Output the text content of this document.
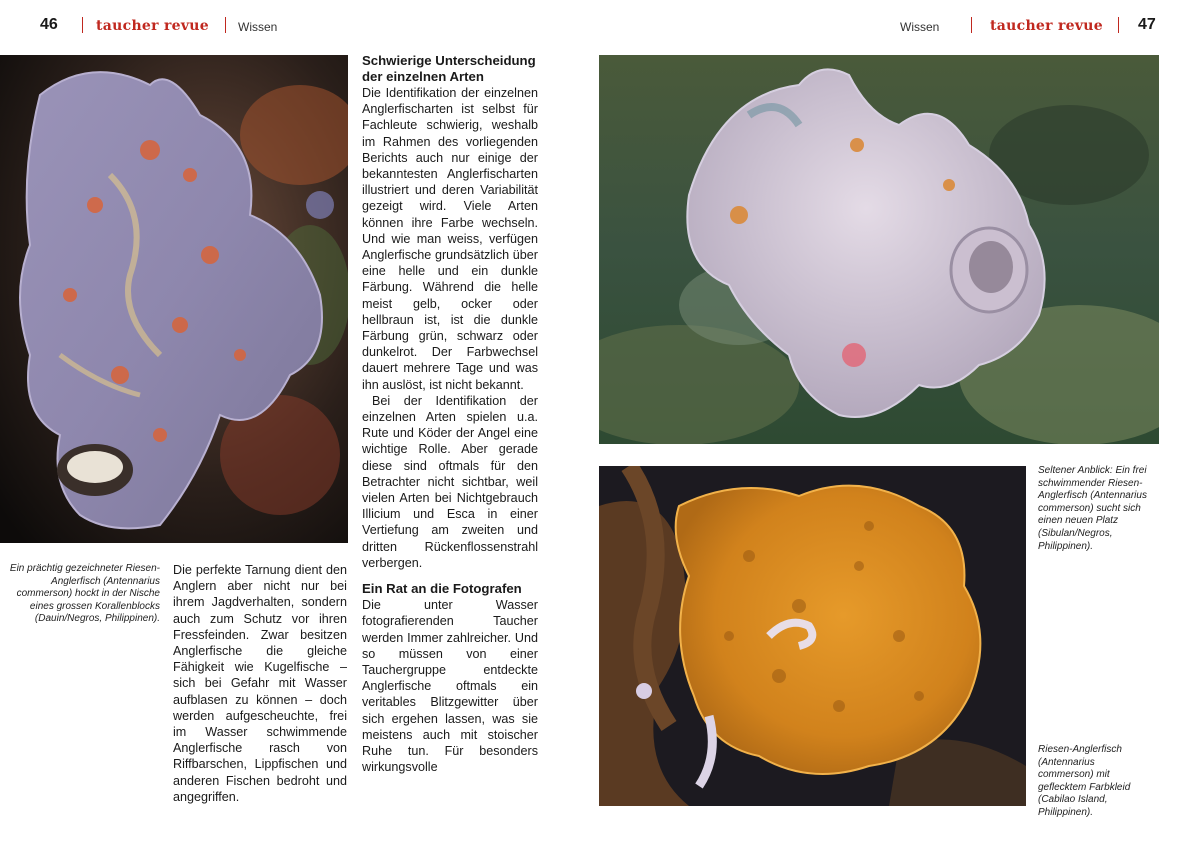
46	taucher revue Wissen	Wissen	taucher revue 47
Ein prächtig gezeichneter Riesen-Anglerfisch (Antennarius commerson) hockt in der Nische eines grossen Korallenblocks (Dauin/Negros, Philippinen).

Die perfekte Tarnung dient den Anglern aber nicht nur bei ihrem Jagdverhalten, sondern auch zum Schutz vor ihren Fressfeinden. Zwar besitzen Anglerfische die gleiche Fähigkeit wie Kugelfische – sich bei Gefahr mit Wasser aufblasen zu können – doch werden aufgescheuchte, frei im Wasser schwimmende Anglerfische rasch von Riffbarschen, Lippfischen und anderen Fischen bedroht und angegriffen.

Schwierige Unterscheidung der einzelnen Arten

Die Identifikation der einzelnen Anglerfischarten ist selbst für Fachleute schwierig, weshalb im Rahmen des vorliegenden Berichts auch nur einige der bekanntesten Anglerfischarten illustriert und deren Variabilität gezeigt wird. Viele Arten können ihre Farbe wechseln. Und wie man weiss, verfügen Anglerfische grundsätzlich über eine helle und ein dunkle Färbung. Während die helle meist gelb, ocker oder hellbraun ist, ist die dunkle Färbung grün, schwarz oder dunkelrot. Der Farbwechsel dauert mehrere Tage und was ihn auslöst, ist nicht bekannt.

Bei der Identifikation der einzelnen Arten spielen u.a. Rute und Köder der Angel eine wichtige Rolle. Aber gerade diese sind oftmals für den Betrachter nicht sichtbar, weil vielen Arten bei Nichtgebrauch Illicium und Esca in einer Vertiefung am zweiten und dritten Rückenflossenstrahl verbergen.

Ein Rat an die Fotografen

Die unter Wasser fotografierenden Taucher werden Immer zahlreicher. Und so müssen von einer Tauchergruppe entdeckte Anglerfische oftmals ein veritables Blitzgewitter über sich ergehen lassen, was sie meistens auch mit stoischer Ruhe tun. Für besonders wirkungsvolle

Seltener Anblick: Ein frei schwimmender Riesen-Anglerfisch (Antennarius commerson) sucht sich einen neuen Platz (Sibulan/Negros, Philippinen).
Riesen-Anglerfisch (Antennarius commerson) mit geflecktem Farbkleid (Cabilao Island, Philippinen).
